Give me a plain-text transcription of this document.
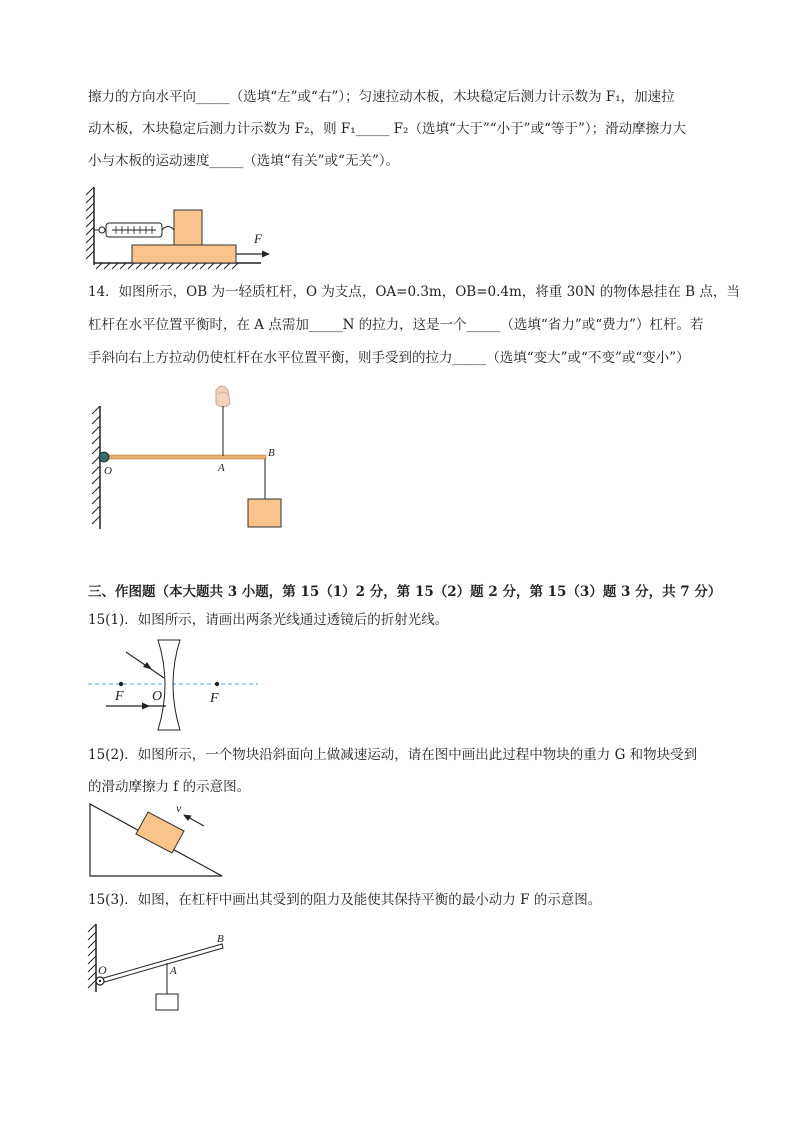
擦力的方向水平向_____（选填“左”或“右”）；匀速拉动木板，木块稳定后测力计示数为 F₁，加速拉
动木板，木块稳定后测力计示数为 F₂，则 F₁_____ F₂（选填“大于”“小于”或“等于”）；滑动摩擦力大
小与木板的运动速度_____（选填“有关”或“无关”）。
F
14．如图所示，OB 为一轻质杠杆，O 为支点，OA=0.3m，OB=0.4m，将重 30N 的物体悬挂在 B 点，当
杠杆在水平位置平衡时，在 A 点需加_____N 的拉力，这是一个_____（选填“省力”或“费力”）杠杆。若
手斜向右上方拉动仍使杠杆在水平位置平衡，则手受到的拉力_____（选填“变大”或“不变”或“变小”）
O	A
B
三、作图题（本大题共 3 小题，第 15（1）2 分，第 15（2）题 2 分，第 15（3）题 3 分，共 7 分）
15(1)．如图所示，请画出两条光线通过透镜后的折射光线。
F O	F
15(2)．如图所示，一个物块沿斜面向上做减速运动，请在图中画出此过程中物块的重力 G 和物块受到
的滑动摩擦力 f 的示意图。
v
15(3)．如图，在杠杆中画出其受到的阻力及能使其保持平衡的最小动力 F 的示意图。
O	A
B
